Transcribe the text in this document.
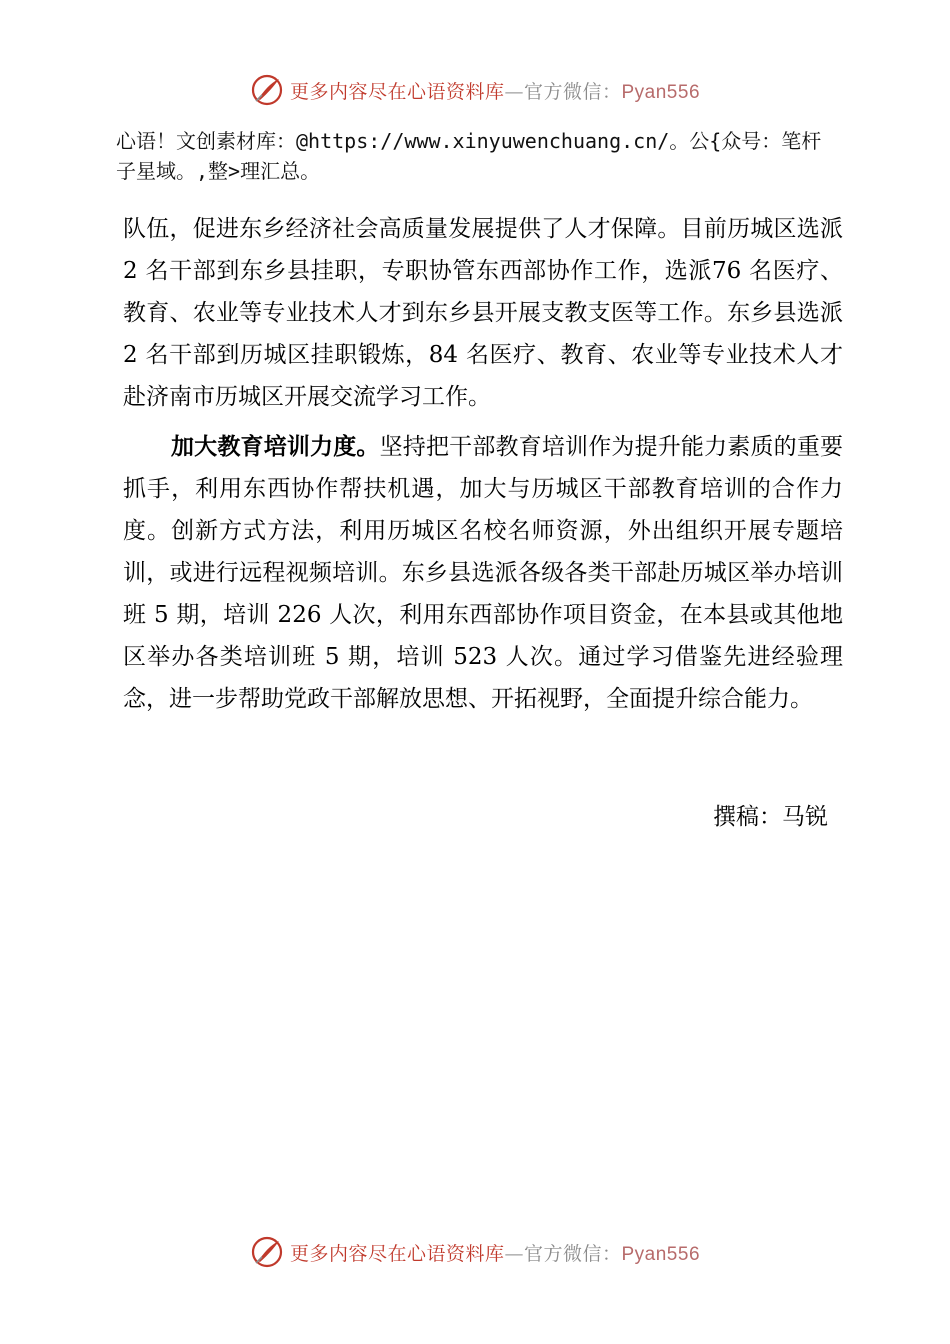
更多内容尽在心语资料库—官方微信：Pyan556
心语！文创素材库：@https://www.xinyuwenchuang.cn/。公{众号：笔杆子星域。,整>理汇总。
队伍，促进东乡经济社会高质量发展提供了人才保障。目前历城区选派 2 名干部到东乡县挂职，专职协管东西部协作工作，选派76 名医疗、教育、农业等专业技术人才到东乡县开展支教支医等工作。东乡县选派 2 名干部到历城区挂职锻炼，84 名医疗、教育、农业等专业技术人才赴济南市历城区开展交流学习工作。
加大教育培训力度。坚持把干部教育培训作为提升能力素质的重要抓手，利用东西协作帮扶机遇，加大与历城区干部教育培训的合作力度。创新方式方法，利用历城区名校名师资源，外出组织开展专题培训，或进行远程视频培训。东乡县选派各级各类干部赴历城区举办培训班 5 期，培训 226 人次，利用东西部协作项目资金，在本县或其他地区举办各类培训班 5 期，培训 523 人次。通过学习借鉴先进经验理念，进一步帮助党政干部解放思想、开拓视野，全面提升综合能力。
撰稿：马锐
更多内容尽在心语资料库—官方微信：Pyan556
